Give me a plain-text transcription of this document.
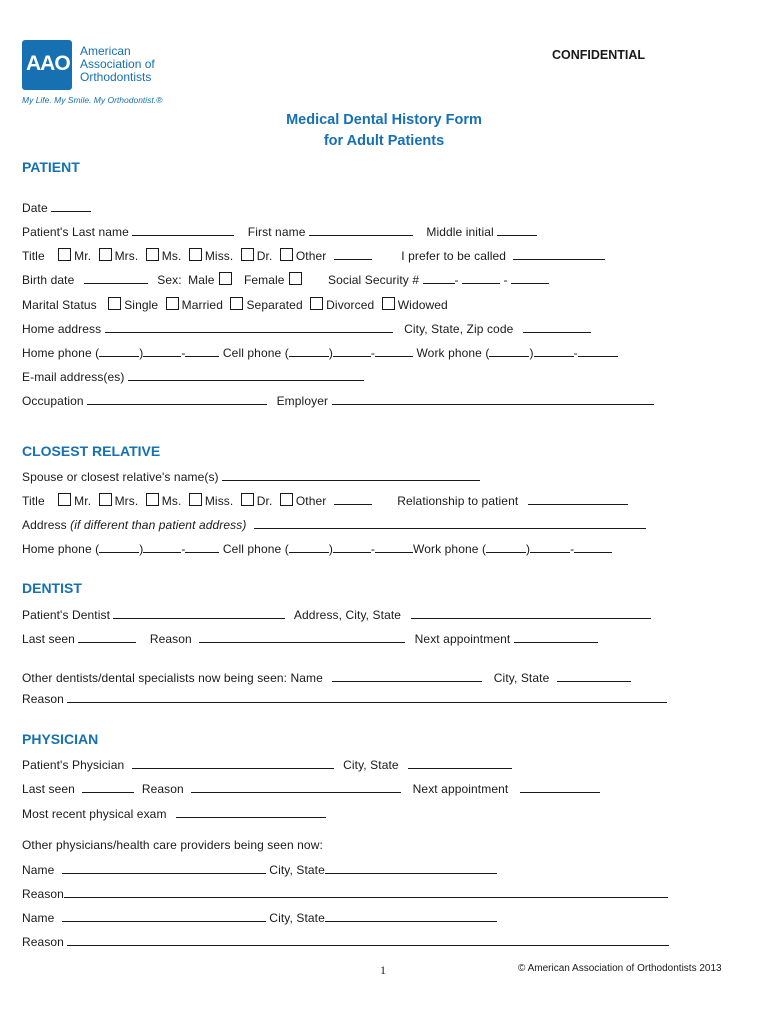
AAO
American
Association of
Orthodontists
My Life. My Smile. My Orthodontist.®
CONFIDENTIAL
Medical Dental History Form
for Adult Patients
PATIENT
Date
Patient's Last name	First name	Middle initial
Title Mr. Mrs. Ms. Miss. Dr. Other	I prefer to be called
Birth date	Sex: Male Female	Social Security #	-	-
Marital Status Single Married Separated Divorced Widowed
Home address	City, State, Zip code
Home phone (	)	-	Cell phone (	)	-	Work phone (	)	-
E-mail address(es)
Occupation	Employer
CLOSEST RELATIVE
Spouse or closest relative's name(s)
Title Mr. Mrs. Ms. Miss. Dr. Other	Relationship to patient
Address (if different than patient address)
Home phone (	)	-	Cell phone (	)	-	Work phone (	)	-
DENTIST
Patient's Dentist	Address, City, State
Last seen	Reason	Next appointment
Other dentists/dental specialists now being seen: Name	City, State
Reason
PHYSICIAN
Patient's Physician	City, State
Last seen	Reason	Next appointment
Most recent physical exam
Other physicians/health care providers being seen now:
Name	City, State
Reason
Name	City, State
Reason
1	© American Association of Orthodontists 2013
